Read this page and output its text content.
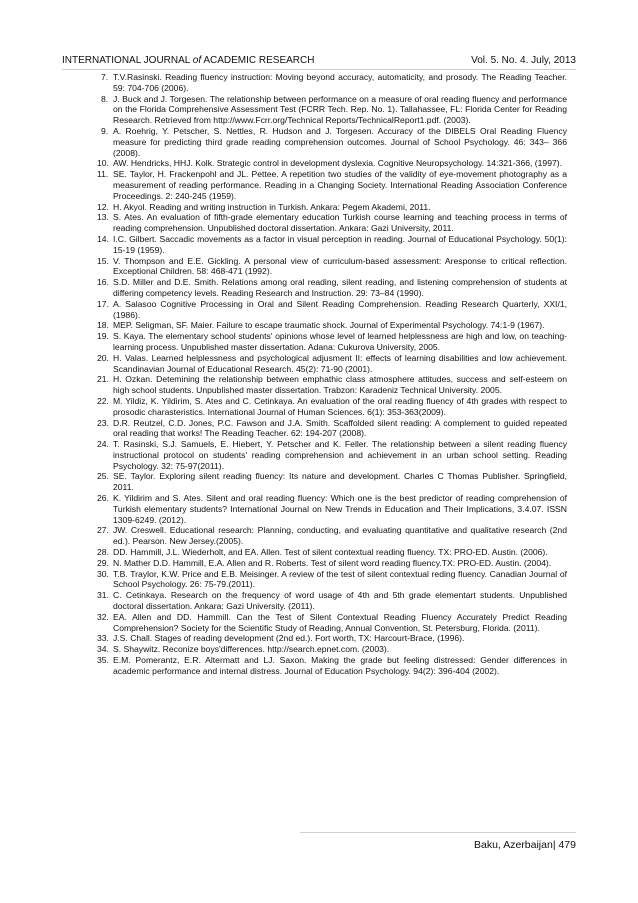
INTERNATIONAL JOURNAL of ACADEMIC RESEARCH	Vol. 5. No. 4. July, 2013
7. T.V.Rasinski. Reading fluency instruction: Moving beyond accuracy, automaticity, and prosody. The Reading Teacher. 59: 704-706 (2006).
8. J. Buck and J. Torgesen. The relationship between performance on a measure of oral reading fluency and performance on the Florida Comprehensive Assessment Test (FCRR Tech. Rep. No. 1). Tallahassee, FL: Florida Center for Reading Research. Retrieved from http://www.Fcrr.org/Technical Reports/TechnicalReport1.pdf. (2003).
9. A. Roehrig, Y. Petscher, S. Nettles, R. Hudson and J. Torgesen. Accuracy of the DIBELS Oral Reading Fluency measure for predicting third grade reading comprehension outcomes. Journal of School Psychology. 46: 343– 366 (2008).
10. AW. Hendricks, HHJ. Kolk. Strategic control in development dyslexia. Cognitive Neuropsychology. 14:321-366, (1997).
11. SE. Taylor, H. Frackenpohl and JL. Pettee. A repetition two studies of the validity of eye-movement photography as a measurement of reading performance. Reading in a Changing Society. International Reading Association Conference Proceedings. 2: 240-245 (1959).
12. H. Akyol. Reading and writing instruction in Turkish. Ankara: Pegem Akademi, 2011.
13. S. Ates. An evaluation of fifth-grade elementary education Turkish course learning and teaching process in terms of reading comprehension. Unpublished doctoral dissertation. Ankara: Gazi University, 2011.
14. I.C. Gilbert. Saccadic movements as a factor in visual perception in reading. Journal of Educational Psychology. 50(1): 15-19 (1959).
15. V. Thompson and E.E. Gickling. A personal view of curriculum-based assessment: Aresponse to critical reflection. Exceptional Children. 58: 468-471 (1992).
16. S.D. Miller and D.E. Smith. Relations among oral reading, silent reading, and listening comprehension of students at differing competency levels. Reading Research and Instruction. 29: 73–84 (1990).
17. A. Salasoo Cognitive Processing in Oral and Silent Reading Comprehension. Reading Research Quarterly, XXI/1, (1986).
18. MEP. Seligman, SF. Maier. Failure to escape traumatic shock. Journal of Experimental Psychology. 74:1-9 (1967).
19. S. Kaya. The elementary school students' opinions whose level of learned helplessness are high and low, on teaching-learning process. Unpublished master dissertation. Adana: Cukurova University, 2005.
20. H. Valas. Learned helplessness and psychological adjusment II: effects of learning disabilities and low achievement. Scandinavian Journal of Educational Research. 45(2): 71-90 (2001).
21. H. Ozkan. Detemining the relationship between emphathic class atmosphere attitudes, success and self-esteem on high school students. Unpublished master dissertation. Trabzon: Karadeniz Technical University. 2005.
22. M. Yildiz, K. Yildirim, S. Ates and C. Cetinkaya. An evaluation of the oral reading fluency of 4th grades with respect to prosodic charasteristics. International Journal of Human Sciences. 6(1): 353-363(2009).
23. D.R. Reutzel, C.D. Jones, P.C. Fawson and J.A. Smith. Scaffolded silent reading: A complement to guided repeated oral reading that works! The Reading Teacher. 62: 194-207 (2008).
24. T. Rasinski, S.J. Samuels, E. Hiebert, Y. Petscher and K. Feller. The relationship between a silent reading fluency instructional protocol on students' reading comprehension and achievement in an urban school setting. Reading Psychology. 32: 75-97(2011).
25. SE. Taylor. Exploring silent reading fluency: Its nature and development. Charles C Thomas Publisher. Springfield, 2011.
26. K. Yildirim and S. Ates. Silent and oral reading fluency: Which one is the best predictor of reading comprehension of Turkish elementary students? International Journal on New Trends in Education and Their Implications, 3.4.07. ISSN 1309-6249. (2012).
27. JW. Creswell. Educational research: Planning, conducting, and evaluating quantitative and qualitative research (2nd ed.). Pearson. New Jersey.(2005).
28. DD. Hammill, J.L. Wiederholt, and EA. Allen. Test of silent contextual reading fluency. TX: PRO-ED. Austin. (2006).
29. N. Mather D.D. Hammill, E.A. Allen and R. Roberts. Test of silent word reading fluency.TX: PRO-ED. Austin. (2004).
30. T.B. Traylor, K.W. Price and E.B. Meisinger. A review of the test of silent contextual reding fluency. Canadian Journal of School Psychology. 26: 75-79.(2011).
31. C. Cetinkaya. Research on the frequency of word usage of 4th and 5th grade elementart students. Unpublished doctoral dissertation. Ankara: Gazi University. (2011).
32. EA. Allen and DD. Hammill. Can the Test of Silent Contextual Reading Fluency Accurately Predict Reading Comprehension? Society for the Scientific Study of Reading, Annual Convention, St. Petersburg, Florida. (2011).
33. J.S. Chall. Stages of reading development (2nd ed.). Fort worth, TX: Harcourt-Brace, (1996).
34. S. Shaywitz. Reconize boys'differences. http://search.epnet.com. (2003).
35. E.M. Pomerantz, E.R. Altermatt and LJ. Saxon. Making the grade but feeling distressed: Gender differences in academic performance and internal distress. Journal of Education Psychology. 94(2): 396-404 (2002).
Baku, Azerbaijan| 479
